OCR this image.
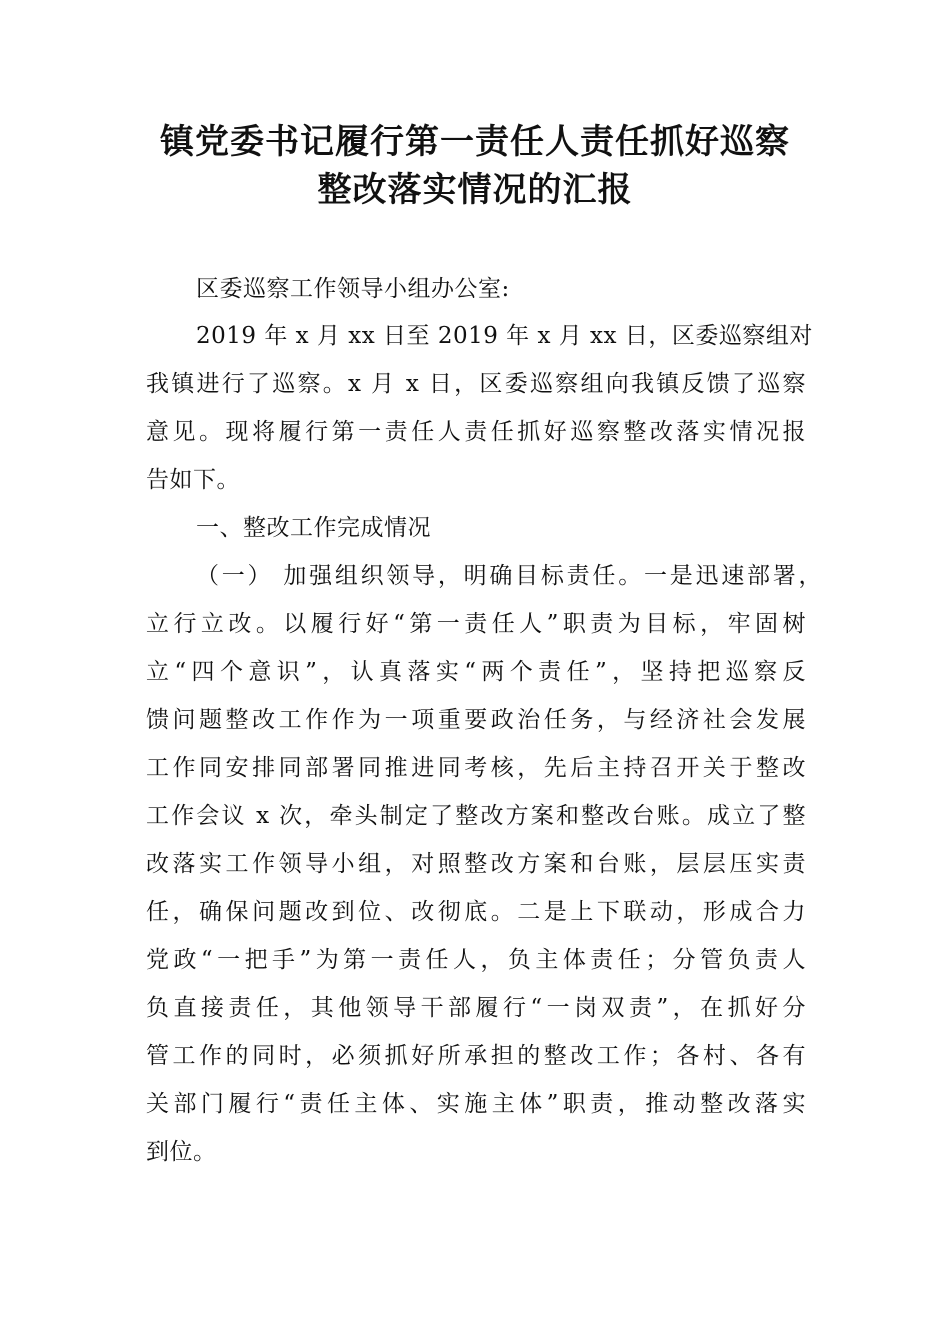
镇党委书记履行第一责任人责任抓好巡察
整改落实情况的汇报
区委巡察工作领导小组办公室:
2019 年 x 月 xx 日至 2019 年 x 月 xx 日，区委巡察组对
我镇进行了巡察。x 月 x 日，区委巡察组向我镇反馈了巡察
意见。现将履行第一责任人责任抓好巡察整改落实情况报
告如下。
一、整改工作完成情况
（一） 加强组织领导，明确目标责任。一是迅速部署，
立行立改。以履行好“第一责任人”职责为目标，牢固树
立“四个意识”，认真落实“两个责任”，坚持把巡察反
馈问题整改工作作为一项重要政治任务，与经济社会发展
工作同安排同部署同推进同考核，先后主持召开关于整改
工作会议 x 次，牵头制定了整改方案和整改台账。成立了整
改落实工作领导小组，对照整改方案和台账，层层压实责
任，确保问题改到位、改彻底。二是上下联动，形成合力
党政“一把手”为第一责任人，负主体责任；分管负责人
负直接责任，其他领导干部履行“一岗双责”，在抓好分
管工作的同时，必须抓好所承担的整改工作；各村、各有
关部门履行“责任主体、实施主体”职责，推动整改落实
到位。
